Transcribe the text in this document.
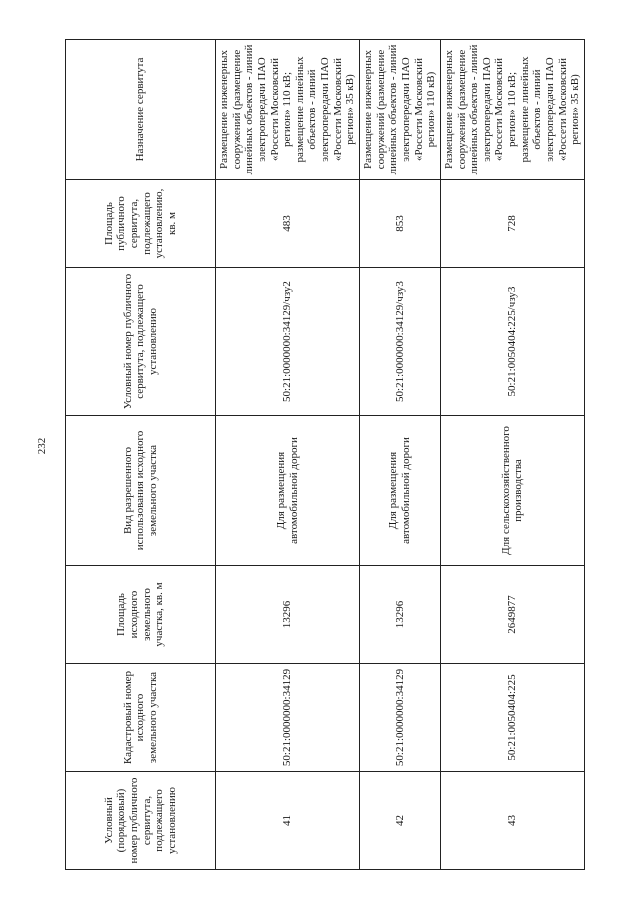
232
Условный (порядковый) номер публичного сервитута, подлежащего установлению	Кадастровый номер исходного земельного участка	Площадь исходного земельного участка, кв. м	Вид разрешенного использования исходного земельного участка	Условный номер публичного сервитута, подлежащего установлению	Площадь публичного сервитута, подлежащего установлению, кв. м	Назначение сервитута
41	50:21:0000000:34129	13296	Для размещения автомобильной дороги	50:21:0000000:34129/чзу2	483	Размещение инженерных сооружений (размещение линейных объектов - линий электропередачи ПАО «Россети Московский регион» 110 кВ; размещение линейных объектов - линий электропередачи ПАО «Россети Московский регион» 35 кВ)
42	50:21:0000000:34129	13296	Для размещения автомобильной дороги	50:21:0000000:34129/чзу3	853	Размещение инженерных сооружений (размещение линейных объектов - линий электропередачи ПАО «Россети Московский регион» 110 кВ)
43	50:21:0050404:225	2649877	Для сельскохозяйственного производства	50:21:0050404:225/чзу3	728	Размещение инженерных сооружений (размещение линейных объектов - линий электропередачи ПАО «Россети Московский регион» 110 кВ; размещение линейных объектов - линий электропередачи ПАО «Россети Московский регион» 35 кВ)
